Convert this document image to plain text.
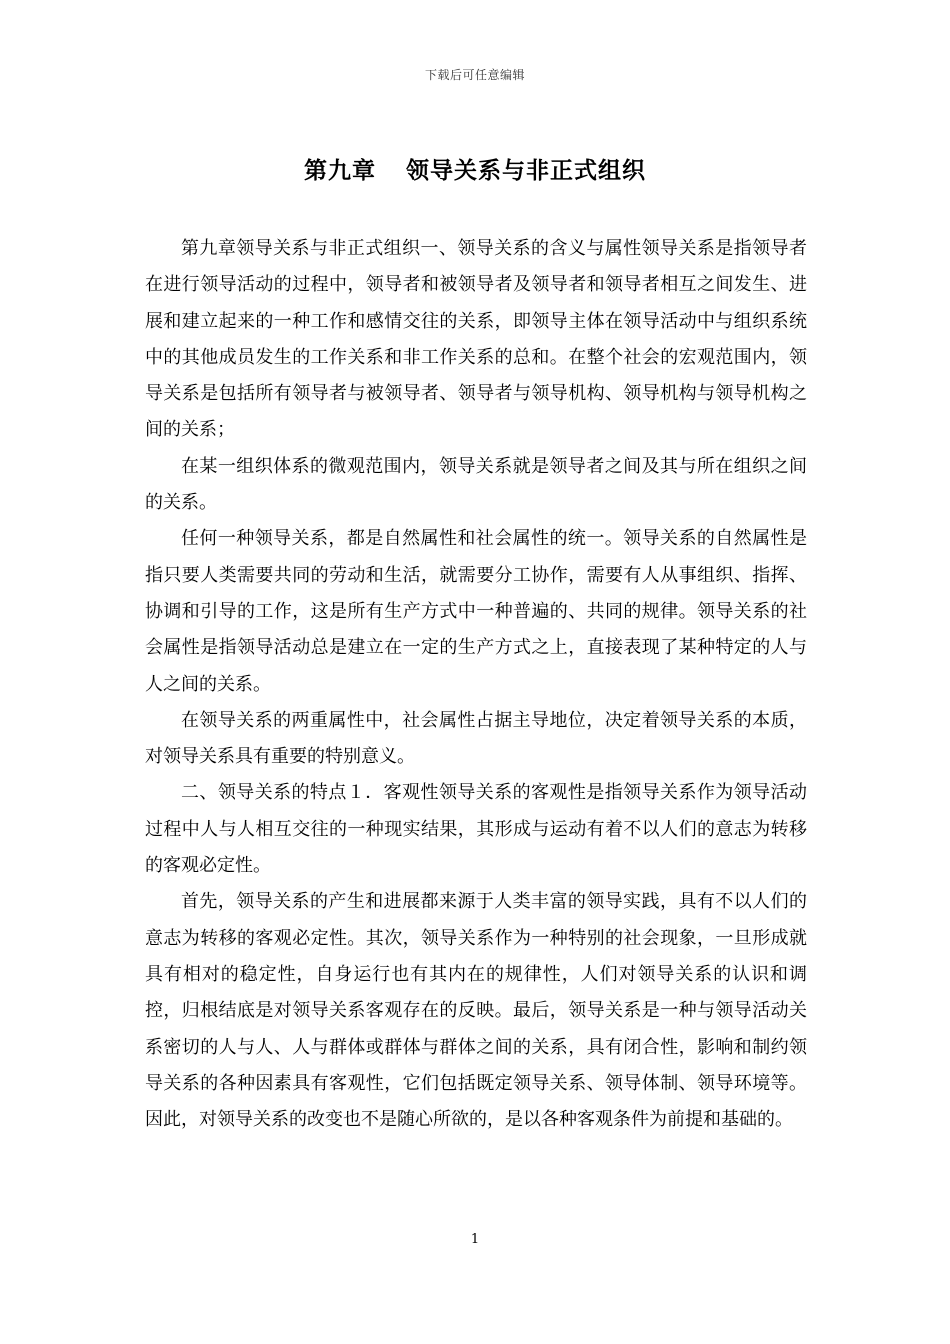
下载后可任意编辑
第九章 领导关系与非正式组织

第九章领导关系与非正式组织一、领导关系的含义与属性领导关系是指领导者在进行领导活动的过程中，领导者和被领导者及领导者和领导者相互之间发生、进展和建立起来的一种工作和感情交往的关系，即领导主体在领导活动中与组织系统中的其他成员发生的工作关系和非工作关系的总和。在整个社会的宏观范围内，领导关系是包括所有领导者与被领导者、领导者与领导机构、领导机构与领导机构之间的关系；

在某一组织体系的微观范围内，领导关系就是领导者之间及其与所在组织之间的关系。

任何一种领导关系，都是自然属性和社会属性的统一。领导关系的自然属性是指只要人类需要共同的劳动和生活，就需要分工协作，需要有人从事组织、指挥、协调和引导的工作，这是所有生产方式中一种普遍的、共同的规律。领导关系的社会属性是指领导活动总是建立在一定的生产方式之上，直接表现了某种特定的人与人之间的关系。

在领导关系的两重属性中，社会属性占据主导地位，决定着领导关系的本质，对领导关系具有重要的特别意义。

二、领导关系的特点１．客观性领导关系的客观性是指领导关系作为领导活动过程中人与人相互交往的一种现实结果，其形成与运动有着不以人们的意志为转移的客观必定性。

首先，领导关系的产生和进展都来源于人类丰富的领导实践，具有不以人们的意志为转移的客观必定性。其次，领导关系作为一种特别的社会现象，一旦形成就具有相对的稳定性，自身运行也有其内在的规律性，人们对领导关系的认识和调控，归根结底是对领导关系客观存在的反映。最后，领导关系是一种与领导活动关系密切的人与人、人与群体或群体与群体之间的关系，具有闭合性，影响和制约领导关系的各种因素具有客观性，它们包括既定领导关系、领导体制、领导环境等。因此，对领导关系的改变也不是随心所欲的，是以各种客观条件为前提和基础的。

1
